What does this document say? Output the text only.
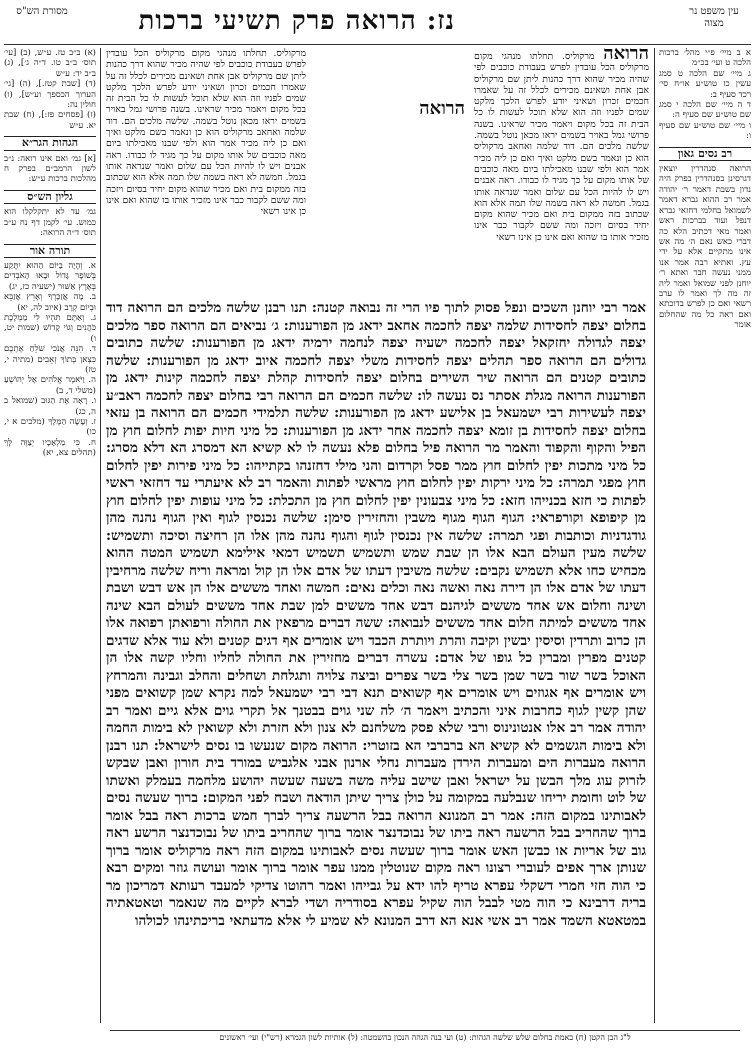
עין משפט נר מצוה
נז: הרואה פרק תשיעי ברכות
מסורת הש"ס

א ב מיי׳ פ״י מהל׳ ברכות הלכה ט ועי׳ בכ״מ

ג מיי׳ שם הלכה ט סמג עשין כז טוש״ע או״ח סי׳ רכד סעיף ב:

ד ה מיי׳ שם הלכה י סמג שם טוש״ע שם סעיף ה:

ו מיי׳ שם טוש״ע שם סעיף ו:

רב נסים גאון

הרואה סנהדרין יוצאין דגרסינן בסנהדרין בפרק היה נדון בשבת דאמר ר׳ יהודה אמר רב ההוא גברא דאמר לשמואל בחלמי דחזאי גברא דנפל ועוד בברכות ראש ואמר מאי דכתיב הלא כה דברי כאש נאם ה׳ מה אש אינו מתקיים אלא על ידי עץ. ואתיא רבה אמר אנו ממני נעשה חבר ואתא ר׳ יוחנן לפני שמואל ואמר ליה זה מה לך ואמר לו ערב רשאי ואם כן לפרש בדוכתא ואם ראה כל מה שהחלום אומר

הרואה מרקוליס. תחלתו מנהגי מקום מרקוליס הכל עובדין לפרש בעבודת כוכבים לפי שהיה מכיר שהוא דרך כהנות ליתן שם מרקוליס אבן אחת ושאינם מכירים לכלל זה על שאמרו חכמים זכרון ושאיני יודע לפרש הלכך מלקט שמים לפניו וזה הוא שלא תוכל לעשות לו כל הבית זה בכל מקום ויאמר מכיר שראינו. בשנה פרושי גמל באויר בשמים יראו מכאן נוטל בשמה. שלשה מלכים הם. דוד שלמה ואחאב מרקוליס הוא כן ונאמר בשם מלקט ואיך ואם כן ליה מכיר אמר הוא ולפי שבנו מאכילתו ביום מאה כוכבים של אותו מקום על כך מגיד לו כבודו. ראה אבנים ויש לו להיות הכל עם שלום ואמר שנראה אותו בגמל. חמשה לא ראה בשמה שלו תמה אלא הוא שכתוב בזה ממקום בית ואם מכיר שהוא מקום יחיד בסיום ויזכה ומה ששם לקבור כבר אינו מזכיר אותו בו שהוא ואם אינו כן אינו רשאי
מרקוליס. תחלתו מנהגי מקום מרקוליס הכל עובדין לפרש בעבודת כוכבים לפי שהיה מכיר שהוא דרך כהנות ליתן שם מרקוליס אבן אחת ושאינם מכירים לכלל זה על שאמרו חכמים זכרון ושאיני יודע לפרש הלכך מלקט שמים לפניו וזה הוא שלא תוכל לעשות לו כל הבית זה בכל מקום ויאמר מכיר שראינו. בשנה פרושי גמל באויר בשמים יראו מכאן נוטל בשמה. שלשה מלכים הם. דוד שלמה ואחאב מרקוליס הוא כן ונאמר בשם מלקט ואיך ואם כן ליה מכיר אמר הוא ולפי שבנו מאכילתו ביום מאה כוכבים של אותו מקום על כך מגיד לו כבודו. ראה אבנים ויש לו להיות הכל עם שלום ואמר שנראה אותו בגמל. חמשה לא ראה בשמה שלו תמה אלא הוא שכתוב בזה ממקום בית ואם מכיר שהוא מקום יחיד בסיום ויזכה ומה ששם לקבור כבר אינו מזכיר אותו בו שהוא ואם אינו כן אינו רשאי
הרואה
אמר רבי יוחנן השכים ונפל פסוק לתוך פיו הרי זה נבואה קטנה: תנו רבנן שלשה מלכים הם הרואה דוד בחלום יצפה לחסידות שלמה יצפה לחכמה אחאב ידאג מן הפורענות: ג׳ נביאים הם הרואה ספר מלכים יצפה לגדולה יחזקאל יצפה לחכמה ישעיה יצפה לנחמה ירמיה ידאג מן הפורענות: שלשה כתובים גדולים הם הרואה ספר תהלים יצפה לחסידות משלי יצפה לחכמה איוב ידאג מן הפורענות: שלשה כתובים קטנים הם הרואה שיר השירים בחלום יצפה לחסידות קהלת יצפה לחכמה קינות ידאג מן הפורענות הרואה מגלת אסתר נס נעשה לו: שלשה חכמים הם הרואה רבי בחלום יצפה לחכמה ראב״ע יצפה לעשירות רבי ישמעאל בן אלישע ידאג מן הפורענות: שלשה תלמידי חכמים הם הרואה בן עזאי בחלום יצפה לחסידות בן זומא יצפה לחכמה אחר ידאג מן הפורענות: כל מיני חיות יפות לחלום חוץ מן הפיל והקוף והקפוד והאמר מר הרואה פיל בחלום פלא נעשה לו לא קשיא הא דמסרג הא דלא מסרג: כל מיני מתכות יפין לחלום חוץ ממר פסל וקרדום והני מילי דחזנהו בקתייהו: כל מיני פירות יפין לחלום חוץ מפגי תמרה: כל מיני ירקות יפין לחלום חוץ מראשי לפתות והאמר רב לא איעתרי עד דחזאי ראשי לפתות כי חזא בכנייהו חזא: כל מיני צבעונין יפין לחלום חוץ מן התכלת: כל מיני עופות יפין לחלום חוץ מן קיפופא וקורפראי: הגוף הגוף מגוף משבין והחזירין סימן: שלשה נכנסין לגוף ואין הגוף נהנה מהן גודגדניות וכותבות ופגי תמרה: שלשה אין נכנסין לגוף והגוף נהנה מהן אלו הן רחיצה וסיכה ותשמיש: שלשה מעין העולם הבא אלו הן שבת שמש ותשמיש תשמיש דמאי אילימא תשמיש המטה ההוא מכחיש כחו אלא תשמיש נקבים: שלשה משיבין דעתו של אדם אלו הן קול ומראה וריח שלשה מרחיבין דעתו של אדם אלו הן דירה נאה ואשה נאה וכלים נאים: חמשה ואחד מששים אלו הן אש דבש ושבת ושינה וחלום אש אחד מששים לגיהנם דבש אחד מששים למן שבת אחד מששים לעולם הבא שינה אחד מששים למיתה חלום אחד מששים לנבואה: ששה דברים מרפאין את החולה ורפואתן רפואה אלו הן כרוב ותרדין וסיסין יבשין וקיבה והרת ויותרת הכבד ויש אומרים אף דגים קטנים ולא עוד אלא שדגים קטנים מפרין ומברין כל גופו של אדם: עשרה דברים מחזירין את החולה לחליו וחליו קשה אלו הן האוכל בשר שור בשר שמן בשר צלי בשר צפרים וביצה צלויה ותגלחת ושחלים והחלב וגבינה והמרחץ ויש אומרים אף אגוזים ויש אומרים אף קשואים תנא דבי רבי ישמעאל למה נקרא שמן קשואים מפני שהן קשין לגוף כחרבות איני והכתיב ויאמר ה׳ לה שני גוים בבטנך אל תקרי גוים אלא גיים ואמר רב יהודה אמר רב אלו אנטונינוס ורבי שלא פסק משלחנם לא צנון ולא חזרת ולא קשואין לא בימות החמה ולא בימות הגשמים לא קשיא הא ברברבי הא בזוטרי: הרואה מקום שנעשו בו נסים לישראל: תנו רבנן הרואה מעברות הים ומעברות הירדן מעברות נחלי ארנון אבני אלגביש במורד בית חורון ואבן שבקש לזרוק עוג מלך הבשן על ישראל ואבן שישב עליה משה בשעה שעשה יהושע מלחמה בעמלק ואשתו של לוט וחומת יריחו שנבלעה במקומה על כולן צריך שיתן הודאה ושבח לפני המקום: ברוך שעשה נסים לאבותינו במקום הזה: אמר רב המנונא הרואה בבל הרשעה צריך לברך חמש ברכות ראה בבל אומר ברוך שהחריב בבל הרשעה ראה ביתו של נבוכדנצר אומר ברוך שהחריב ביתו של נבוכדנצר הרשע ראה גוב של אריות או כבשן האש אומר ברוך שעשה נסים לאבותינו במקום הזה ראה מרקוליס אומר ברוך שנותן ארך אפים לעוברי רצונו ראה מקום שנוטלין ממנו עפר אומר ברוך אומר ועושה גוזר ומקים רבא כי הוה חזי חמרי דשקלי עפרא טריף להו ידא על גבייהו ואמר רהוטו צדיקי למעבד רעותא דמריכון מר בריה דרבינא כי הוה מטי לבבל הוה שקיל עפרא בסודריה ושדי לברא לקיים מה שנאמר וטאטאתיה במטאטא השמד אמר רב אשי אנא הא דרב המנונא לא שמיע לי אלא מדעתאי בריכתינהו לכולהו

(א) ב״ב טז. ע״ש, (ב) [עי׳ תוס׳ ב״ב טו. ד״ה ג׳], (ג) ב״ב יד: ע״ש

(ד) [שבת קטז.], (ה) [גי׳ הערוך הכספך וע״ש], (ו) חולין נה:

(ז) [פסחים פז:], (ח) שבת יא. ע״ש

הגהות הגר״א

[א] גמ׳ ואם אינו רואה: נ״ב לשון הרמב״ם בפרק ח מהלכות ברכות ע״ש:

גליון הש״ס

גמ׳ עד לא יתקלקלו הוא כמוש. עי׳ לקמן דף נח ע״ב תוס׳ ד״ה הרואה:

תורה אור

א. וְהָיָה בַיּוֹם הַהוּא יִתָּקַע בְּשׁוֹפָר גָּדוֹל וּבָאוּ הָאֹבְדִים בְּאֶרֶץ אַשּׁוּר (ישעיה כז, יג)

ב. מָה אֲזַכֶּרְךָ וְאָרֵץ אֲזַבֵּא וּבְיוֹם קְרָב (איוב לה, יא)

ג. וְאַתֶּם תִּהְיוּ לִי מַמְלֶכֶת כֹּהֲנִים וְגוֹי קָדוֹשׁ (שמות יט, ו)

ד. הִנֵּה אֲנֹכִי שֹׁלֵחַ אֶתְכֶם כִּצְאן בְּתוֹךְ זְאֵבִים (מתיה י, טז)

ה. וַיֹּאמֶר אֱלֹהִים אֶל יְהוֹשֻׁעַ (משלי ד, ב)

ו. רָאָה אֶת הַגּוּב (שמואל ב ה, כג)

ז. וְעָשָׂה הַמֶּלֶךְ (מלכים א י, כו)

ח. כִּי מַלְאָכָיו יְצַוֶּה לָּךְ (תהלים צא, יא)

ל"ג הבן הקטן (ח) באמת בחלום שלש שלשה הגהות: (ט) ועי בנה הגהה הנכון בהשמטה: (ל) אותיות לשון הגמרא (רש"י) ועי׳ ראשונים
